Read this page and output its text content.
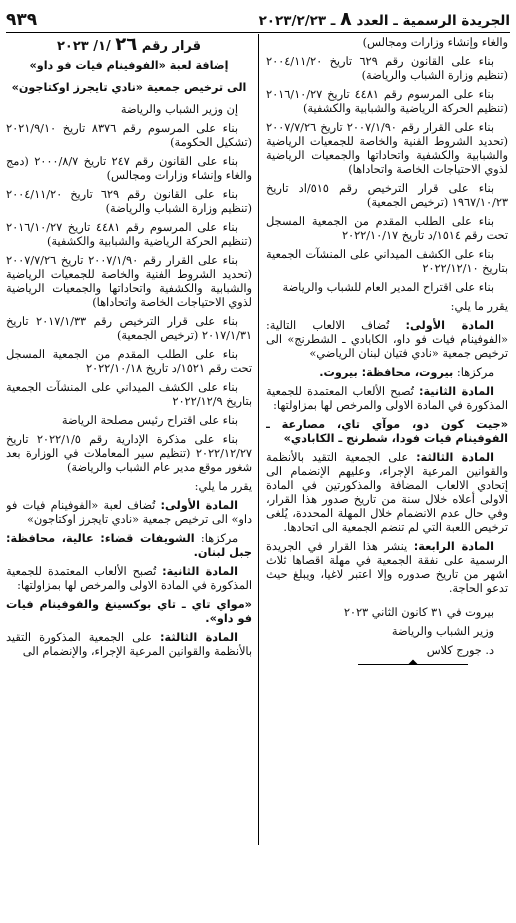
الجريدة الرسمية ـ العدد ٨ ـ ٢٠٢٣/٢/٢٣
٩٣٩

والغاء وإنشاء وزارات ومجالس)

بناء على القانون رقم ٦٢٩ تاريخ ٢٠٠٤/١١/٢٠ (تنظيم وزارة الشباب والرياضة)

بناء على المرسوم رقم ٤٤٨١ تاريخ ٢٠١٦/١٠/٢٧ (تنظيم الحركة الرياضية والشبابية والكشفية)

بناء على القرار رقم ٢٠٠٧/١/٩٠ تاريخ ٢٠٠٧/٧/٢٦ (تحديد الشروط الفنية والخاصة للجمعيات الرياضية والشبابية والكشفية واتحاداتها والجمعيات الرياضية لذوي الاحتياجات الخاصة واتحاداها)

بناء على قرار الترخيص رقم ٥١٥/اد تاريخ ١٩٦٧/١٠/٢٣ (ترخيص الجمعية)

بناء على الطلب المقدم من الجمعية المسجل تحت رقم ١٥١٤/د تاريخ ٢٠٢٢/١٠/١٧

بناء على الكشف الميداني على المنشآت الجمعية بتاريخ ٢٠٢٢/١٢/١٠

بناء على اقتراح المدير العام للشباب والرياضة

يقرر ما يلي:

المادة الأولى: تُضاف الالعاب التالية: «الفوفينام فيات فو داو، الكابادي ـ الشطرنج» الى ترخيص جمعية «نادي فتيان لبنان الرياضي»

مركزها: بيروت، محافظة: بيروت.

المادة الثانية: تُصبح الألعاب المعتمدة للجمعية المذكورة في المادة الاولى والمرخص لها بمزاولتها:

«جيت كون دو، موآي تاي، مصارعة ـ الفوفينام فيات فودا، شطرنج ـ الكابادي»

المادة الثالثة: على الجمعية التقيد بالأنظمة والقوانين المرعية الإجراء، وعليهم الإنضمام الى إتحادي الالعاب المضافة والمذكورتين في المادة الاولى أعلاه خلال سنة من تاريخ صدور هذا القرار، وفي حال عدم الانضمام خلال المهلة المحددة، يُلغى ترخيص اللعبة التي لم تنضم الجمعية الى اتحادها.

المادة الرابعة: ينشر هذا القرار في الجريدة الرسمية على نفقة الجمعية في مهلة اقصاها ثلاث اشهر من تاريخ صدوره وإلا اعتبر لاغيا، ويبلغ حيث تدعو الحاجة.

بيروت في ٣١ كانون الثاني ٢٠٢٣

وزير الشباب والرياضة

د. جورج كلاس

قرار رقم ٢٦ /١/ ٢٠٢٣
إضافة لعبة «الفوفينام فيات فو داو»
الى ترخيص جمعية «نادي تايجرز اوكتاجون»

إن وزير الشباب والرياضة

بناء على المرسوم رقم ٨٣٧٦ تاريخ ٢٠٢١/٩/١٠ (تشكيل الحكومة)

بناء على القانون رقم ٢٤٧ تاريخ ٢٠٠٠/٨/٧ (دمج والغاء وإنشاء وزارات ومجالس)

بناء على القانون رقم ٦٢٩ تاريخ ٢٠٠٤/١١/٢٠ (تنظيم وزارة الشباب والرياضة)

بناء على المرسوم رقم ٤٤٨١ تاريخ ٢٠١٦/١٠/٢٧ (تنظيم الحركة الرياضية والشبابية والكشفية)

بناء على القرار رقم ٢٠٠٧/١/٩٠ تاريخ ٢٠٠٧/٧/٢٦ (تحديد الشروط الفنية والخاصة للجمعيات الرياضية والشبابية والكشفية واتحاداتها والجمعيات الرياضية لذوي الاحتياجات الخاصة واتحاداها)

بناء على قرار الترخيص رقم ٢٠١٧/١/٣٣ تاريخ ٢٠١٧/١/٣١ (ترخيص الجمعية)

بناء على الطلب المقدم من الجمعية المسجل تحت رقم ١٥٢١/د تاريخ ٢٠٢٢/١٠/١٨

بناء على الكشف الميداني على المنشآت الجمعية بتاريخ ٢٠٢٢/١٢/٩

بناء على اقتراح رئيس مصلحة الرياضة

بناء على مذكرة الإدارية رقم ٢٠٢٢/١/٥ تاريخ ٢٠٢٢/١٢/٢٧ (تنظيم سير المعاملات في الوزارة بعد شغور موقع مدير عام الشباب والرياضة)

يقرر ما يلي:

المادة الأولى: تُضاف لعبة «الفوفينام فيات فو داو» الى ترخيص جمعية «نادي تايجرز اوكتاجون»

مركزها: الشويفات قضاء: عالية، محافظة: جبل لبنان.

المادة الثانية: تُصبح الألعاب المعتمدة للجمعية المذكورة في المادة الاولى والمرخص لها بمزاولتها:

«مواي تاي ـ تاي بوكسينغ والفوفينام فيات فو داو».

المادة الثالثة: على الجمعية المذكورة التقيد بالأنظمة والقوانين المرعية الإجراء، والإنضمام الى
